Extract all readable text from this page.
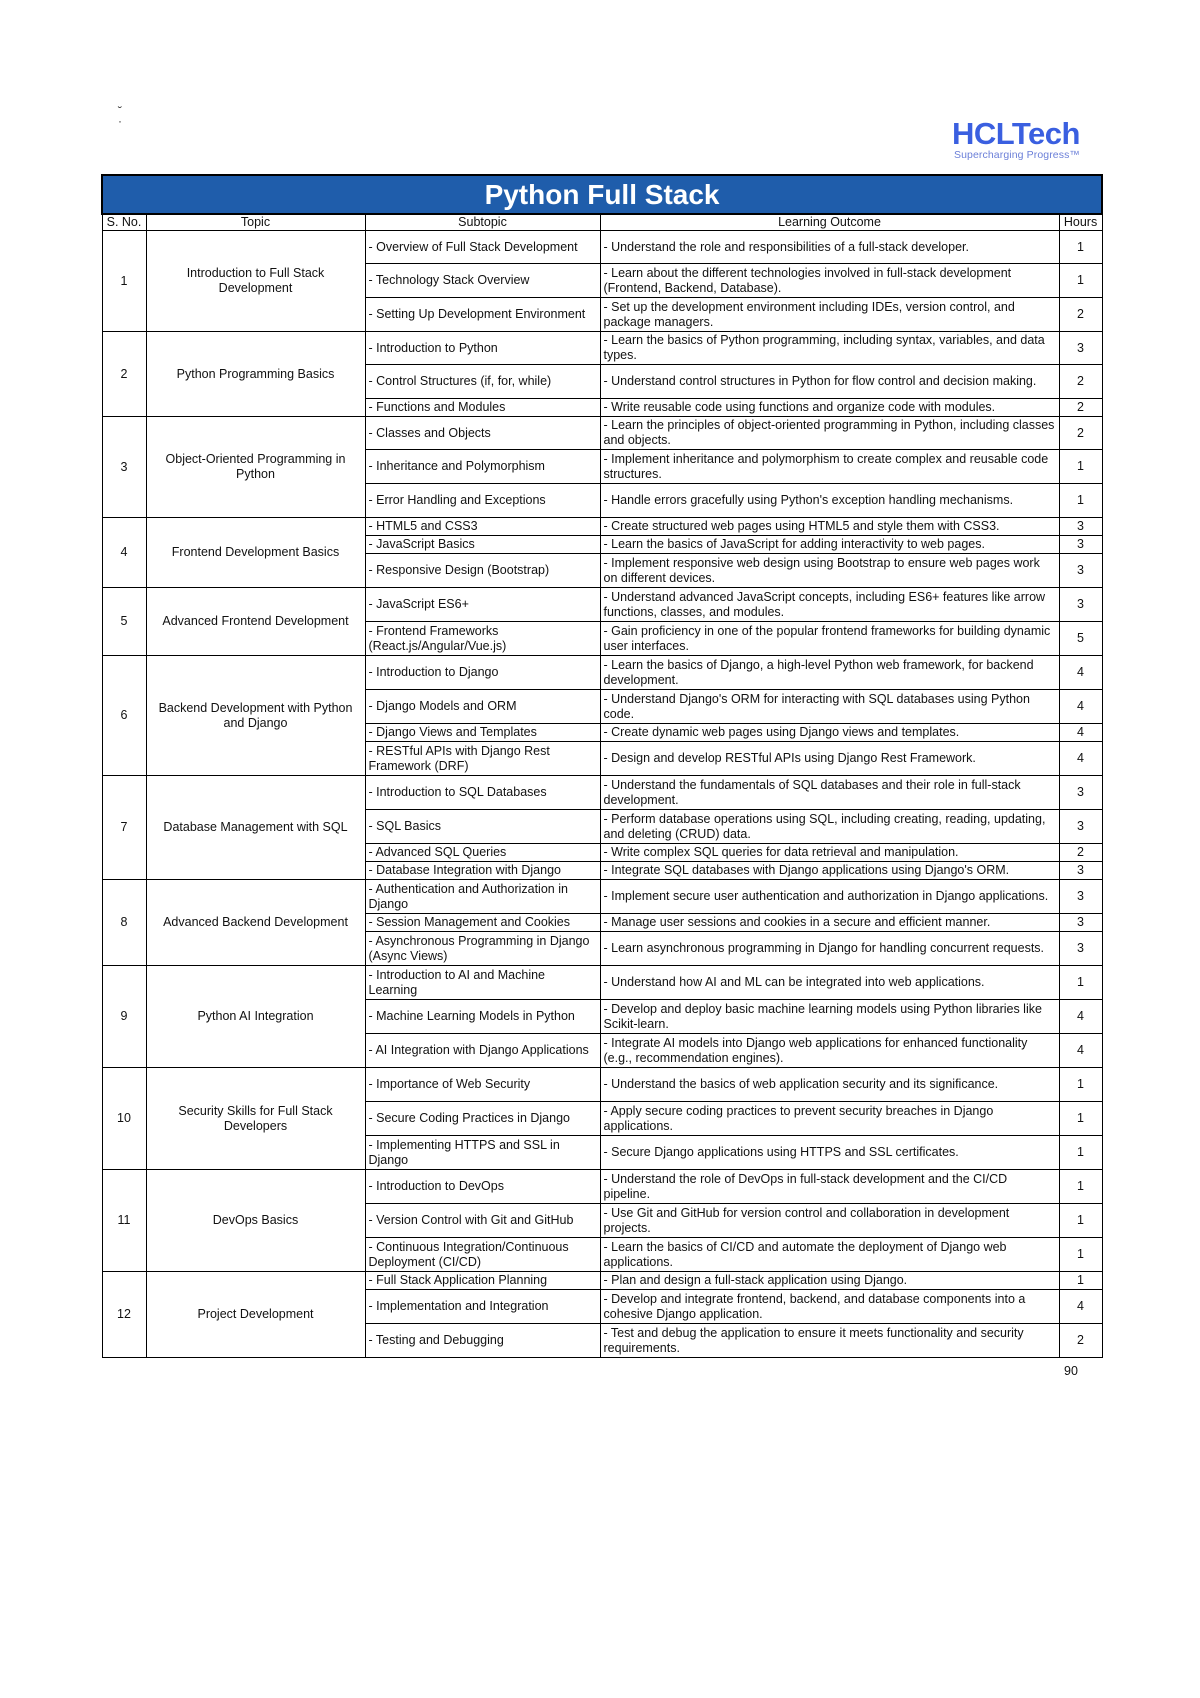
˘
·	HCLTech
Supercharging Progress™
Python Full Stack				
S. No.	Topic	Subtopic	Learning Outcome	Hours
1	Introduction to Full Stack Development	- Overview of Full Stack Development	- Understand the role and responsibilities of a full-stack developer.	1
		- Technology Stack Overview	- Learn about the different technologies involved in full-stack development (Frontend, Backend, Database).	1
		- Setting Up Development Environment	- Set up the development environment including IDEs, version control, and package managers.	2
2	Python Programming Basics	- Introduction to Python	- Learn the basics of Python programming, including syntax, variables, and data types.	3
		- Control Structures (if, for, while)	- Understand control structures in Python for flow control and decision making.	2
		- Functions and Modules	- Write reusable code using functions and organize code with modules.	2
3	Object-Oriented Programming in Python	- Classes and Objects	- Learn the principles of object-oriented programming in Python, including classes and objects.	2
		- Inheritance and Polymorphism	- Implement inheritance and polymorphism to create complex and reusable code structures.	1
		- Error Handling and Exceptions	- Handle errors gracefully using Python's exception handling mechanisms.	1
4	Frontend Development Basics	- HTML5 and CSS3	- Create structured web pages using HTML5 and style them with CSS3.	3
		- JavaScript Basics	- Learn the basics of JavaScript for adding interactivity to web pages.	3
		- Responsive Design (Bootstrap)	- Implement responsive web design using Bootstrap to ensure web pages work on different devices.	3
5	Advanced Frontend Development	- JavaScript ES6+	- Understand advanced JavaScript concepts, including ES6+ features like arrow functions, classes, and modules.	3
		- Frontend Frameworks (React.js/Angular/Vue.js)	- Gain proficiency in one of the popular frontend frameworks for building dynamic user interfaces.	5
6	Backend Development with Python and Django	- Introduction to Django	- Learn the basics of Django, a high-level Python web framework, for backend development.	4
		- Django Models and ORM	- Understand Django's ORM for interacting with SQL databases using Python code.	4
		- Django Views and Templates	- Create dynamic web pages using Django views and templates.	4
		- RESTful APIs with Django Rest Framework (DRF)	- Design and develop RESTful APIs using Django Rest Framework.	4
7	Database Management with SQL	- Introduction to SQL Databases	- Understand the fundamentals of SQL databases and their role in full-stack development.	3
		- SQL Basics	- Perform database operations using SQL, including creating, reading, updating, and deleting (CRUD) data.	3
		- Advanced SQL Queries	- Write complex SQL queries for data retrieval and manipulation.	2
		- Database Integration with Django	- Integrate SQL databases with Django applications using Django's ORM.	3
8	Advanced Backend Development	- Authentication and Authorization in Django	- Implement secure user authentication and authorization in Django applications.	3
		- Session Management and Cookies	- Manage user sessions and cookies in a secure and efficient manner.	3
		- Asynchronous Programming in Django (Async Views)	- Learn asynchronous programming in Django for handling concurrent requests.	3
9	Python AI Integration	- Introduction to AI and Machine Learning	- Understand how AI and ML can be integrated into web applications.	1
		- Machine Learning Models in Python	- Develop and deploy basic machine learning models using Python libraries like Scikit-learn.	4
		- AI Integration with Django Applications	- Integrate AI models into Django web applications for enhanced functionality (e.g., recommendation engines).	4
10	Security Skills for Full Stack Developers	- Importance of Web Security	- Understand the basics of web application security and its significance.	1
		- Secure Coding Practices in Django	- Apply secure coding practices to prevent security breaches in Django applications.	1
		- Implementing HTTPS and SSL in Django	- Secure Django applications using HTTPS and SSL certificates.	1
11	DevOps Basics	- Introduction to DevOps	- Understand the role of DevOps in full-stack development and the CI/CD pipeline.	1
		- Version Control with Git and GitHub	- Use Git and GitHub for version control and collaboration in development projects.	1
		- Continuous Integration/Continuous Deployment (CI/CD)	- Learn the basics of CI/CD and automate the deployment of Django web applications.	1
12	Project Development	- Full Stack Application Planning	- Plan and design a full-stack application using Django.	1
		- Implementation and Integration	- Develop and integrate frontend, backend, and database components into a cohesive Django application.	4
		- Testing and Debugging	- Test and debug the application to ensure it meets functionality and security requirements.	2
90
